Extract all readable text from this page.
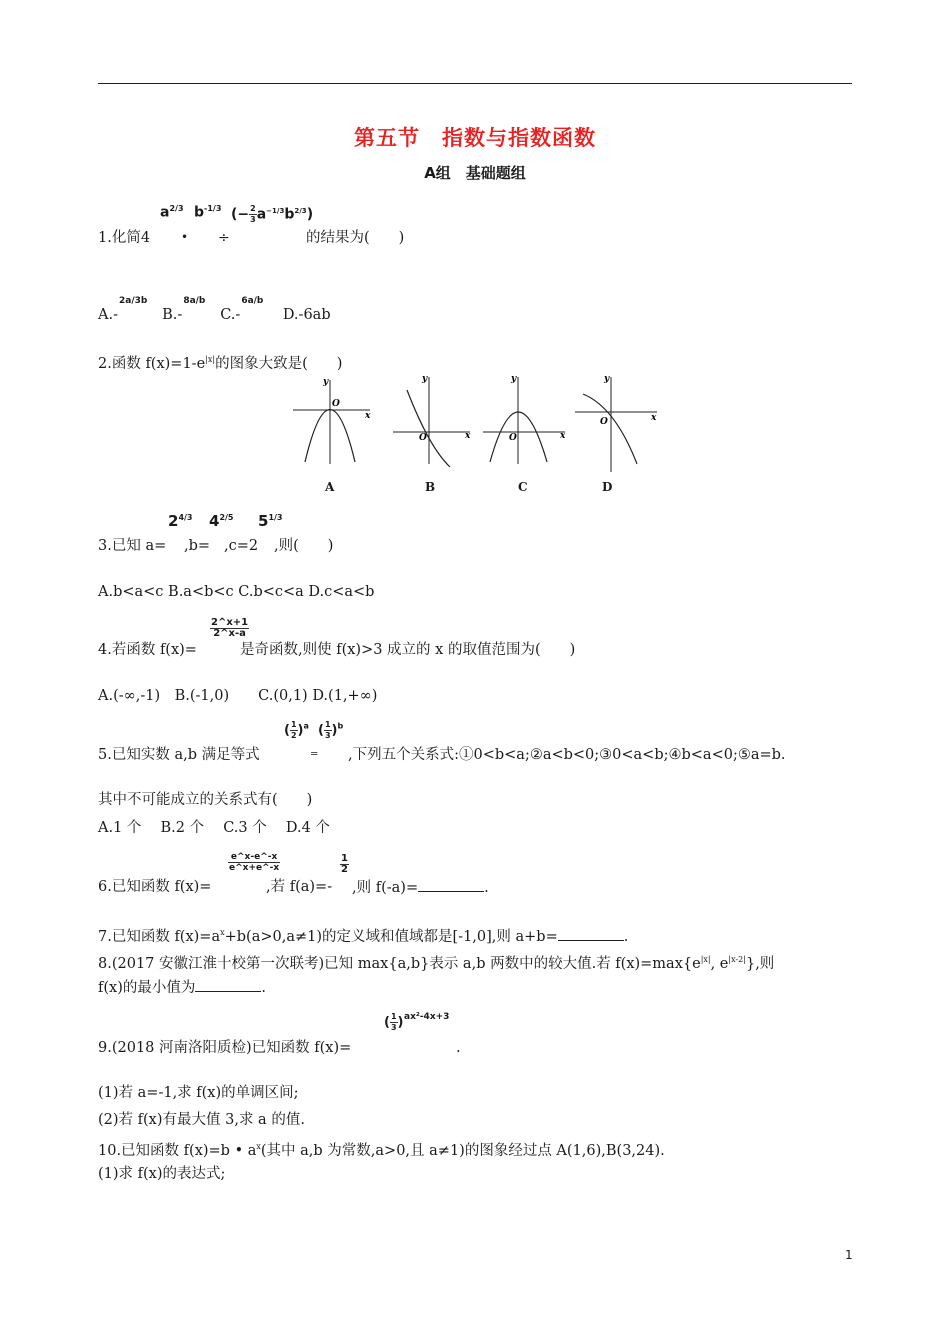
第五节　指数与指数函数
A组　基础题组
1.化简4
$a^{2/3}$
•
$b^{-1/3}$
÷
(− $\frac{2}{3} a^{-1/3}b^{2/3}$)
的结果为(　　)
A.-
2a/3b
B.-
8a/b
C.-
6a/b
D.-6ab
2.函数 $f(x)=1-e^{|x|}$的图象大致是(　　)
y
x
O
y
x
O
y
x
O
y
x
O
A	B	C	D
3.已知 a=
$2^{4/3}$
,b=
$4^{2/5}$
,c=2
$5^{1/3}$
,则(　　)
A.b<a<c B.a<b<c C.b<c<a D.c<a<b
4.若函数 f(x)=
$\frac{2\^{}x+1}{2\^{}x-a}$
是奇函数,则使 f(x)>3 成立的 x 的取值范围为(　　)
A.(-∞,-1)　B.(-1,0)　　C.(0,1) D.(1,+∞)
5.已知实数 a,b 满足等式
( $\frac{1}{2} )^a$
=
( $\frac{1}{3} )^b$
,下列五个关系式:①0<b<a;②a<b<0;③0<a<b;④b<a<0;⑤a=b.
其中不可能成立的关系式有(　　)
A.1 个　 B.2 个　 C.3 个　 D.4 个
6.已知函数 f(x)=
$\frac{e\^{}x-e\^{}-x}{e\^{}x+e\^{}-x}$
,若 f(a)=-
$\frac{1}{2}$
,则 f(-a)=	.
7.已知函数 $f(x)=a^x+b(a>0,a\ne 1)$的定义域和值域都是[-1,0],则 a+b=	.
8.(2017 安徽江淮十校第一次联考)已知 max{a,b}表示 a,b 两数中的较大值.若 $f(x)=\max\{e^{|x|}$, $e^{|x-2|}$},则
f(x)的最小值为	.
9.(2018 河南洛阳质检)已知函数 f(x)=
( $\frac{1}{3}$ ) ax²-4x+3
.
(1)若 a=-1,求 f(x)的单调区间;
(2)若 f(x)有最大值 3,求 a 的值.
10.已知函数 f(x)=b • $a^x$(其中 a,b 为常数,a>0,且 a≠1)的图象经过点 A(1,6),B(3,24).
(1)求 f(x)的表达式;
1
